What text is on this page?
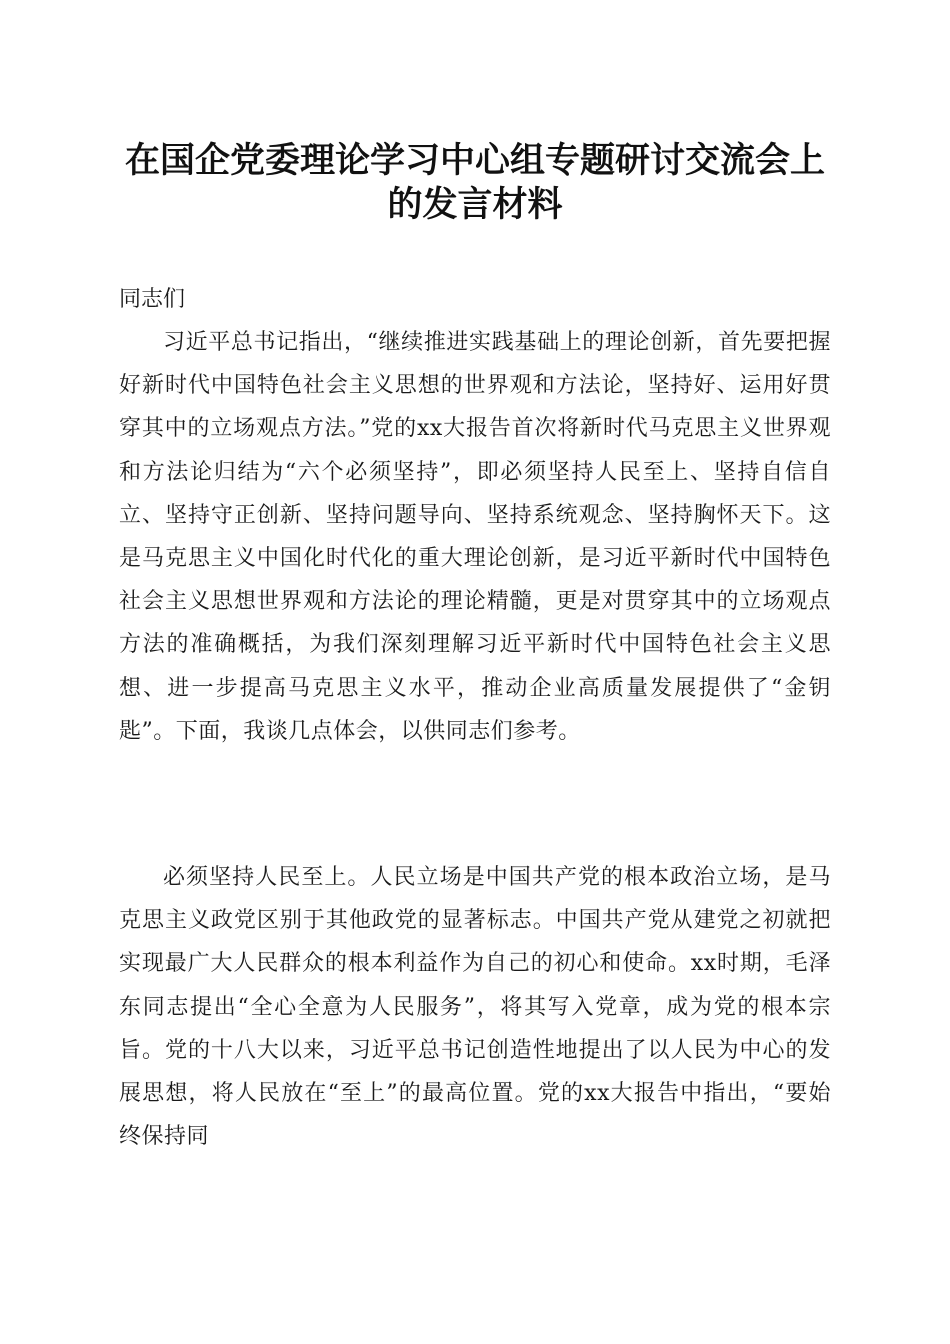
在国企党委理论学习中心组专题研讨交流会上
的发言材料
同志们

习近平总书记指出，“继续推进实践基础上的理论创新，首先要把握好新时代中国特色社会主义思想的世界观和方法论，坚持好、运用好贯穿其中的立场观点方法。”党的xx大报告首次将新时代马克思主义世界观和方法论归结为“六个必须坚持”，即必须坚持人民至上、坚持自信自立、坚持守正创新、坚持问题导向、坚持系统观念、坚持胸怀天下。这是马克思主义中国化时代化的重大理论创新，是习近平新时代中国特色社会主义思想世界观和方法论的理论精髓，更是对贯穿其中的立场观点方法的准确概括，为我们深刻理解习近平新时代中国特色社会主义思想、进一步提高马克思主义水平，推动企业高质量发展提供了“金钥匙”。下面，我谈几点体会，以供同志们参考。

必须坚持人民至上。人民立场是中国共产党的根本政治立场，是马克思主义政党区别于其他政党的显著标志。中国共产党从建党之初就把实现最广大人民群众的根本利益作为自己的初心和使命。xx时期，毛泽东同志提出“全心全意为人民服务”，将其写入党章，成为党的根本宗旨。党的十八大以来，习近平总书记创造性地提出了以人民为中心的发展思想，将人民放在“至上”的最高位置。党的xx大报告中指出，“要始终保持同
